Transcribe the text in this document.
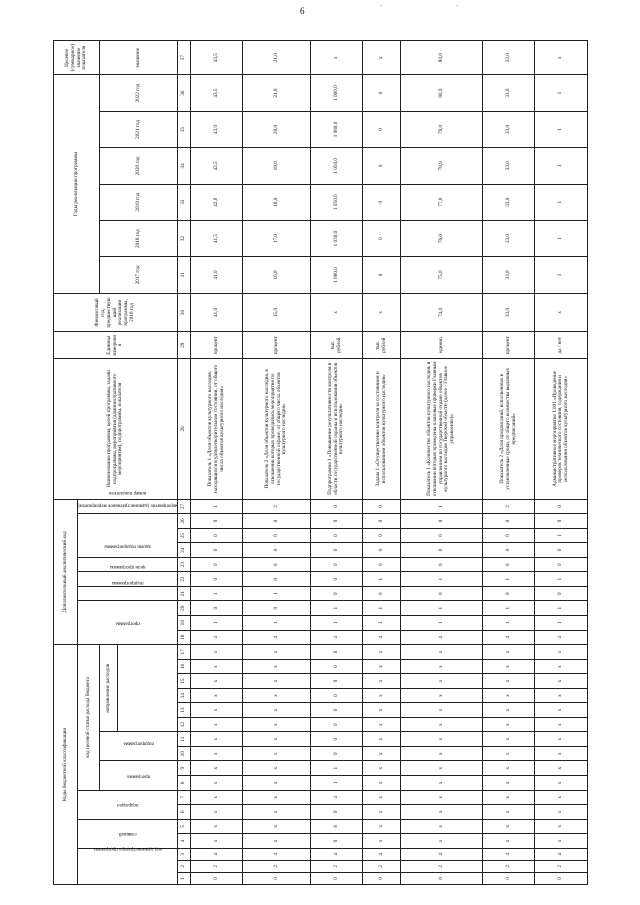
6	·	·
Коды бюджетной классификации																	Дополнительный аналитический код										Наименование программы, целей программы, задачи подпрограммы, мероприятия (административного мероприятия), подпрограммы, показателя	Единица измерения	Финансовый год, предшествующий реализации программы, 2016 год	Годы реализации программы						Целевое (суммарное) значение показателя
код администратора программы			главный		подраздел		код целевой статьи расхода бюджета										программы			подпрограммы	цели программы	задачи подпрограммы	мероприятие (административное мероприятие)			номер показателя										
							программа		подпрограмма		направление расходов																			2017 год	2018 год	2019 год	2020 год	2021 год	2022 год	значение

1	2	3	4	5	6	7	8	9	10	11	12	13	14	15	16	17	18	19	20	21	22	23	24	25	26	27	28	29	30	31	32	33	34	35	36	37
0	2	4	x	x	x	x	x	x	x	x	x	x	x	x	x	x	4	1	0	1	0	0	0	0	0	1	Показатель 1 «Доля объектов культурного наследия, находящихся в удовлетворительном состоянии, от общего числа объектов культурного наследия»	процент	41,0	41,0	41,5	42,0	42,5	43,0	43,5	43,5
0	2	4	x	x	x	x	x	x	x	x	x	x	x	x	x	x	4	1	0	1	0	0	0	0	0	2	Показатель 2 «Доля объектов культурного наследия, в отношении которых проводились мероприятия по государственной охране, от общего числа объектов культурного наследия»	процент	15,0	16,0	17,0	18,0	19,0	20,0	21,0	21,0
0	2	4	0	8	0	4	1	1	0	0	0	0	0	0	0	0	4	1	1	0	0	0	0	0	0	0	Подпрограмма 1 «Повышение результативности контроля в области государственной охраны и использования объектов культурного наследия»	тыс. рублей	x	1 880,0	1 030,0	1 050,0	1 050,0	1 080,0	1 060,0	x
0	2	4	x	x	x	x	x	x	x	x	x	x	x	x	x	x	4	1	1	0	1	0	0	0	0	0	Задача 1 «Осуществление контроля за состоянием и использованием объектов культурного наследия»	тыс. рублей	x	0	0	0	0	0	0	x
0	2	4	x	x	x	x	x	x	x	x	x	x	x	x	x	x	4	1	1	0	1	0	0	0	0	1	Показатель 1 «Количество объектов культурного наследия, в отношении которых проведены плановые проверки Главным управлением по государственной охране объектов культурного наследия Тверской области (далее - Главное управление)»	единиц	74,0	75,0	76,0	77,0	78,0	79,0	80,0	80,0
0	2	4	x	x	x	x	x	x	x	x	x	x	x	x	x	x	4	1	1	0	1	0	0	0	0	2	Показатель 2 «Доля предписаний, исполненных в установленные сроки, от общего количества выданных предписаний»	процент	33,0	33,0	33,0	33,0	33,0	33,0	33,0	33,0
0	2	4	x	x	x	x	x	x	x	x	x	x	x	x	x	x	4	1	1	0	1	0	0	1	0	0	Административное мероприятие 1.001 «Проведение проверок технического состояния, содержания и использования объектов культурного наследия»	да / нет	x	1	1	1	1	1	1	x
